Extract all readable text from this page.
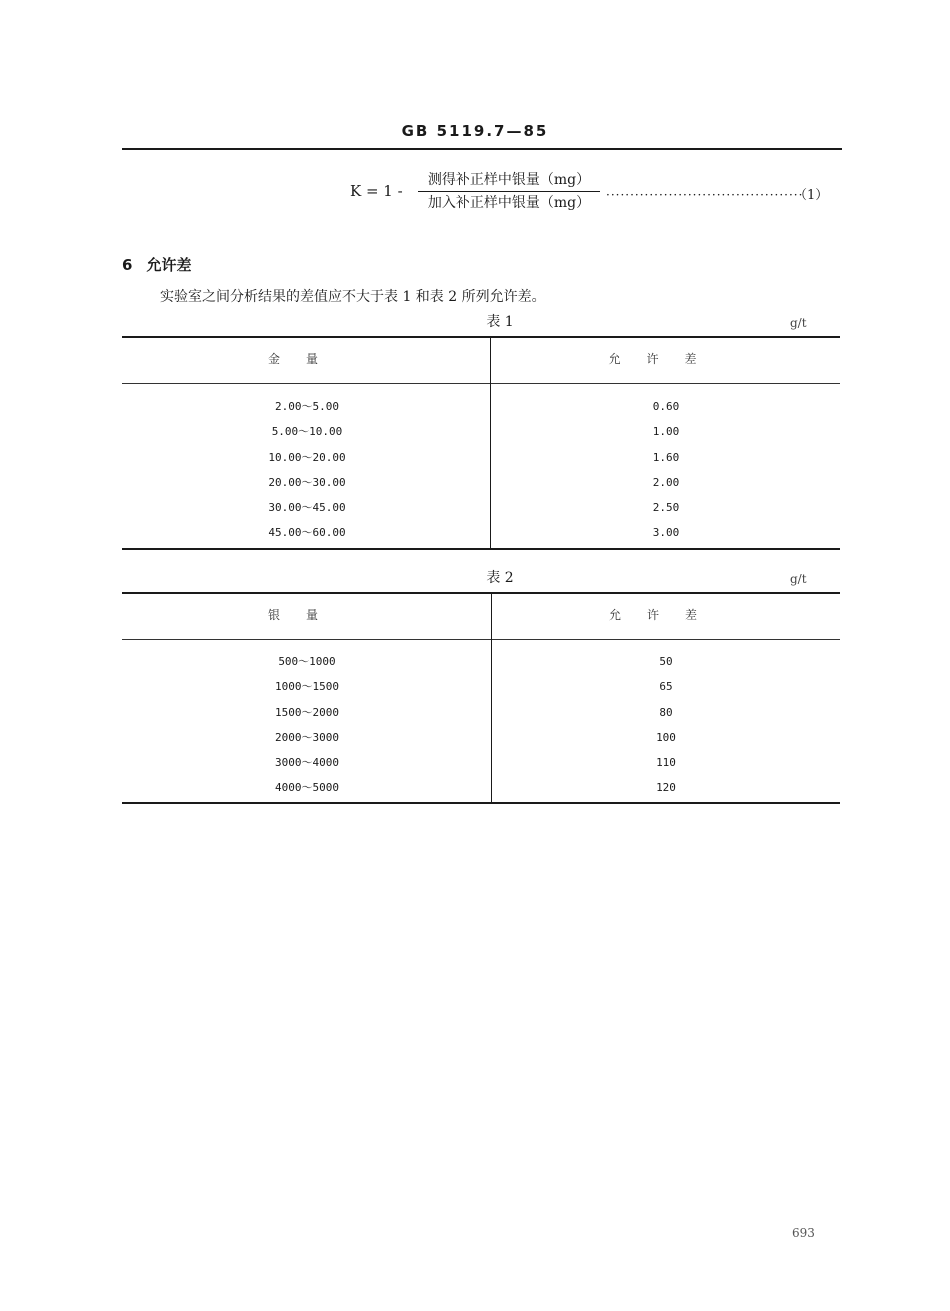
GB 5119.7—85
K = 1 -
测得补正样中银量（mg）
加入补正样中银量（mg）	·········································
（1）
6 允许差
实验室之间分析结果的差值应不大于表 1 和表 2 所列允许差。
表 1	g/t
金量	允许差
2.00～5.00	0.60
5.00～10.00	1.00
10.00～20.00	1.60
20.00～30.00	2.00
30.00～45.00	2.50
45.00～60.00	3.00
表 2	g/t
银量	允许差
500～1000	50
1000～1500	65
1500～2000	80
2000～3000	100
3000～4000	110
4000～5000	120
693
